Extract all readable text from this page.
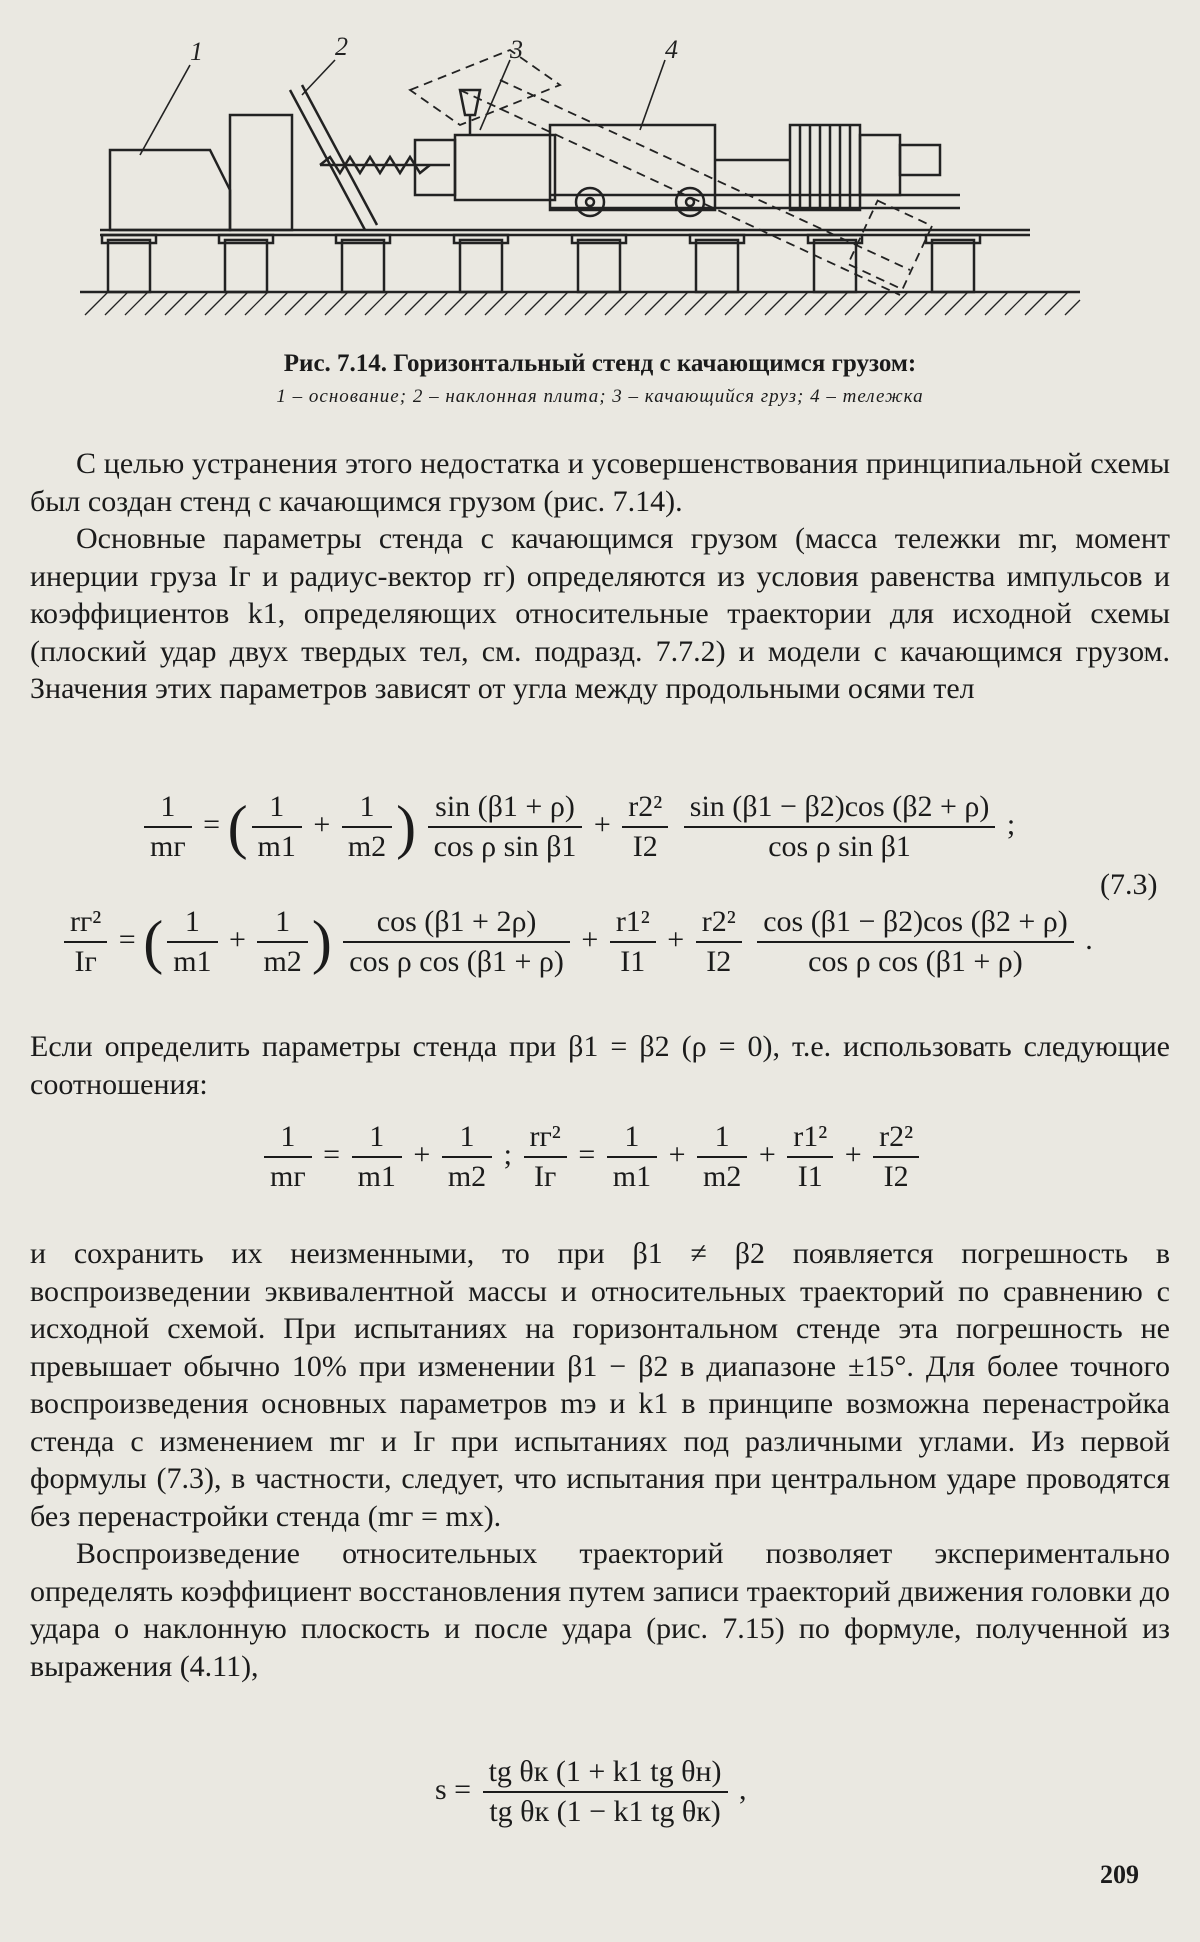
1	2	3	4
Рис. 7.14. Горизонтальный стенд с качающимся грузом:
1 – основание; 2 – наклонная плита; 3 – качающийся груз; 4 – тележка

С целью устранения этого недостатка и усовершенствования принципиальной схемы был создан стенд с качающимся грузом (рис. 7.14).

Основные параметры стенда с качающимся грузом (масса тележки mг, момент инерции груза Iг и радиус-вектор rг) определяются из условия равенства импульсов и коэффициентов k1, определяющих относительные траектории для исходной схемы (плоский удар двух твердых тел, см. подразд. 7.7.2) и модели с качающимся грузом. Значения этих параметров зависят от угла между продольными осями тел

$\frac{1}{mг}$ = ( $\frac{1}{m1} + \frac{1}{m2}$ ) $\frac{\sin (\beta 1 + \rho)}{\text{cos ρ sin β1}} + \frac{\text{r2²}}{I2}$
$\frac{\sin (\beta 1 - \beta 2)\cos (\beta 2 + \rho)}{\text{cos ρ sin β1}}$ ;
(7.3)
$\frac{\text{rг²}}{Iг}$ = ( $\frac{1}{m1} + \frac{1}{m2}$ ) $\frac{\cos (\beta 1 + 2\rho)}{\text{cos ρ cos (β1 + ρ)}} + \frac{\text{r1²}}{I1} + \frac{\text{r2²}}{I2}$
$\frac{\cos (\beta 1 - \beta 2)\cos (\beta 2 + \rho)}{\text{cos ρ cos (β1 + ρ)}}$ .

Если определить параметры стенда при β1 = β2 (ρ = 0), т.е. использовать следующие соотношения:

$\frac{1}{mг} = \frac{1}{m1} + \frac{1}{m2}$ ; $\frac{\text{rг²}}{Iг} = \frac{1}{m1} + \frac{1}{m2} + \frac{\text{r1²}}{I1} + \frac{\text{r2²}}{I2}$

и сохранить их неизменными, то при β1 ≠ β2 появляется погрешность в воспроизведении эквивалентной массы и относительных траекторий по сравнению с исходной схемой. При испытаниях на горизонтальном стенде эта погрешность не превышает обычно 10% при изменении β1 − β2 в диапазоне ±15°. Для более точного воспроизведения основных параметров mэ и k1 в принципе возможна перенастройка стенда с изменением mг и Iг при испытаниях под различными углами. Из первой формулы (7.3), в частности, следует, что испытания при центральном ударе проводятся без перенастройки стенда (mг = mх).

Воспроизведение относительных траекторий позволяет экспериментально определять коэффициент восстановления путем записи траекторий движения головки до удара о наклонную плоскость и после удара (рис. 7.15) по формуле, полученной из выражения (4.11),

$s = \frac{\text{tg θк (1 + k1 tg θн)}}{\text{tg θк (1 − k1 tg θк)}}$ ,
209
